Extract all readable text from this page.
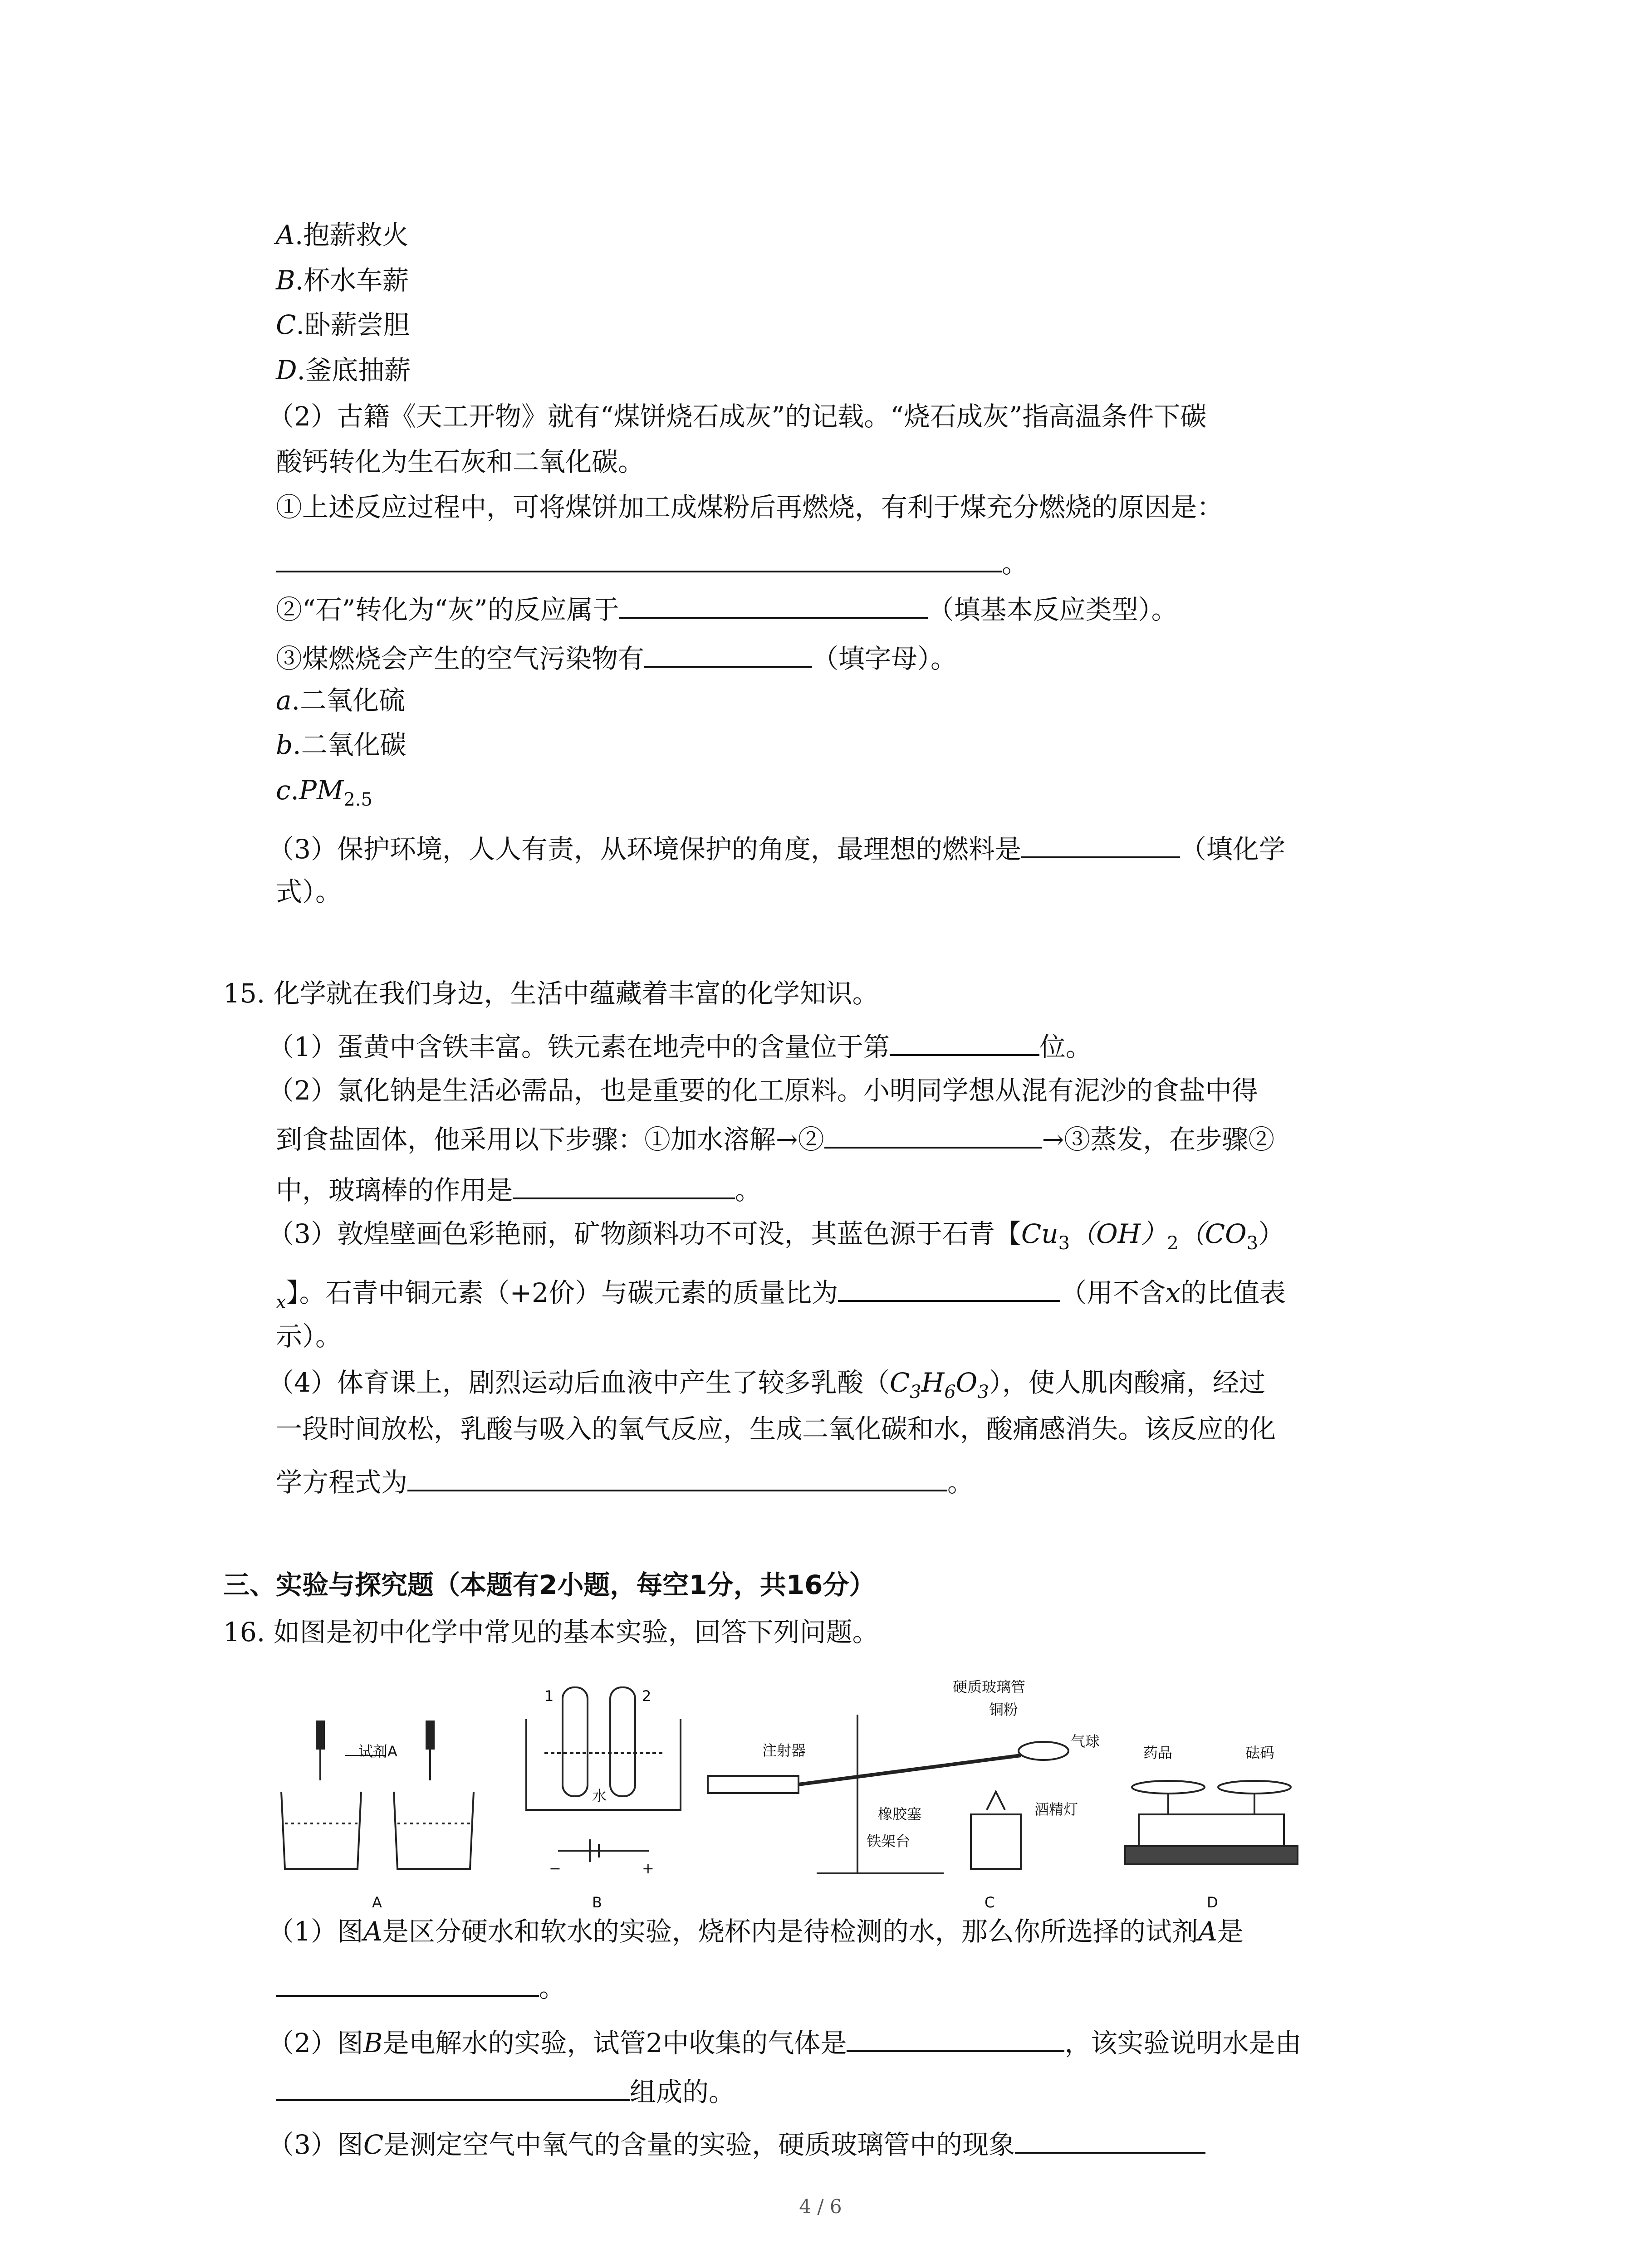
A.抱薪救火
B.杯水车薪
C.卧薪尝胆
D.釜底抽薪
（2）古籍《天工开物》就有“煤饼烧石成灰”的记载。“烧石成灰”指高温条件下碳
酸钙转化为生石灰和二氧化碳。
①上述反应过程中，可将煤饼加工成煤粉后再燃烧，有利于煤充分燃烧的原因是：
。
②“石”转化为“灰”的反应属于	（填基本反应类型）。
③煤燃烧会产生的空气污染物有	（填字母）。
a.二氧化硫
b.二氧化碳
$c.PM_{2.5}$
（3）保护环境，人人有责，从环境保护的角度，最理想的燃料是	（填化学
式）。
15. 化学就在我们身边，生活中蕴藏着丰富的化学知识。
（1）蛋黄中含铁丰富。铁元素在地壳中的含量位于第	位。
（2）氯化钠是生活必需品，也是重要的化工原料。小明同学想从混有泥沙的食盐中得
到食盐固体，他采用以下步骤：①加水溶解→②	→③蒸发，在步骤②
中，玻璃棒的作用是	。
（3）敦煌壁画色彩艳丽，矿物颜料功不可没，其蓝色源于石青【$Cu_3(OH)_2(CO_3)$
$_x$】。石青中铜元素（+2价）与碳元素的质量比为	（用不含x的比值表
示）。
（4）体育课上，剧烈运动后血液中产生了较多乳酸$(C_3H_6O_3)$，使人肌肉酸痛，经过
一段时间放松，乳酸与吸入的氧气反应，生成二氧化碳和水，酸痛感消失。该反应的化
学方程式为	。
三、实验与探究题（本题有2小题，每空1分，共16分）
16. 如图是初中化学中常见的基本实验，回答下列问题。
试剂A
A
1	2
水
−	+
B
注射器
硬质玻璃管
铜粉
气球
橡胶塞	酒精灯
铁架台
C
药品	砝码
D
（1）图A是区分硬水和软水的实验，烧杯内是待检测的水，那么你所选择的试剂A是
。
（2）图B是电解水的实验，试管2中收集的气体是	，该实验说明水是由
组成的。
（3）图C是测定空气中氧气的含量的实验，硬质玻璃管中的现象
4 / 6
